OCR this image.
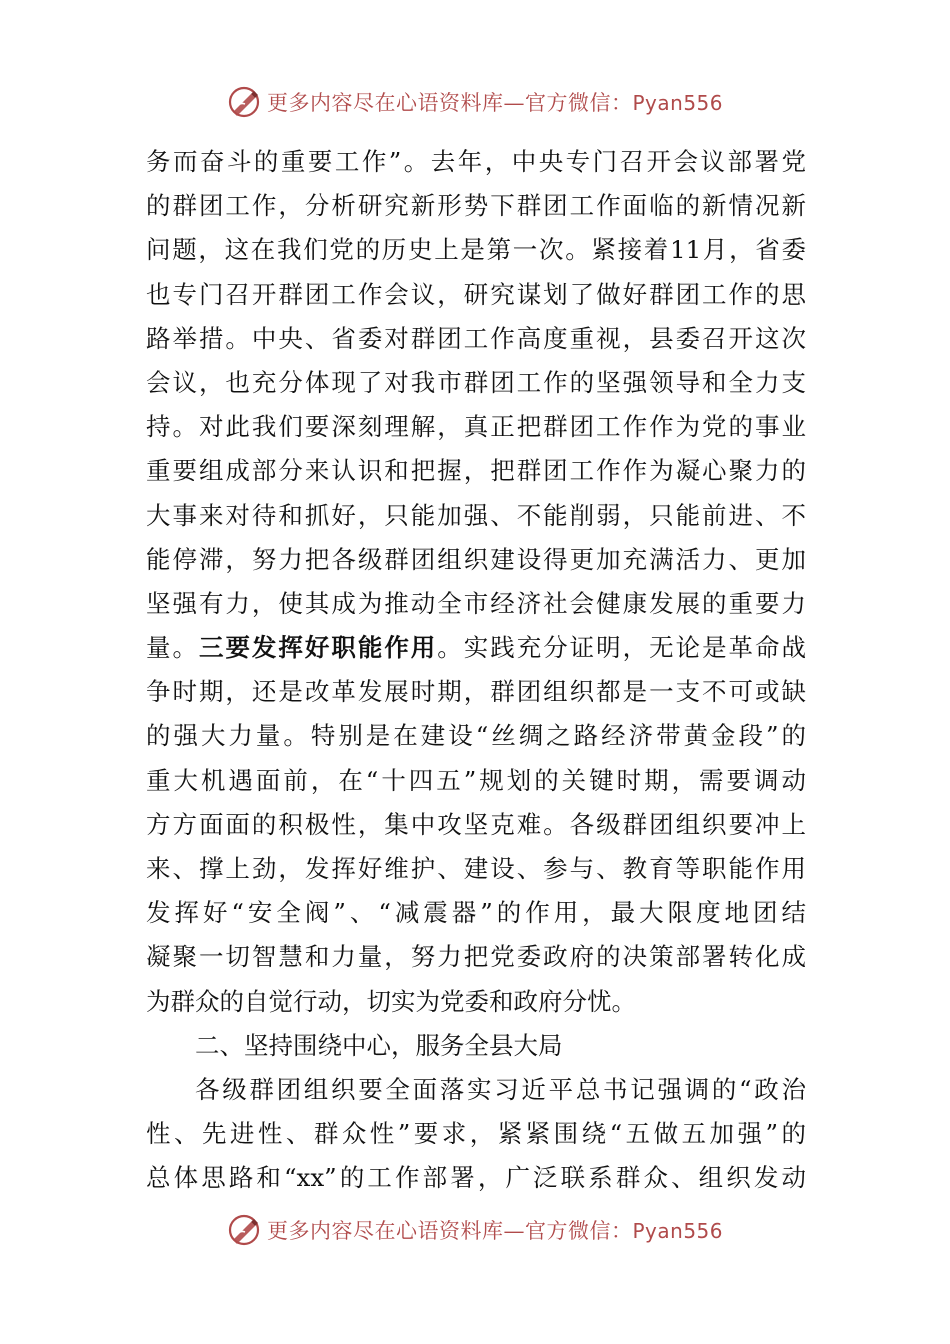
更多内容尽在心语资料库—官方微信：Pyan556
务而奋斗的重要工作”。去年，中央专门召开会议部署党
的群团工作，分析研究新形势下群团工作面临的新情况新
问题，这在我们党的历史上是第一次。紧接着11月，省委
也专门召开群团工作会议，研究谋划了做好群团工作的思
路举措。中央、省委对群团工作高度重视，县委召开这次
会议，也充分体现了对我市群团工作的坚强领导和全力支
持。对此我们要深刻理解，真正把群团工作作为党的事业
重要组成部分来认识和把握，把群团工作作为凝心聚力的
大事来对待和抓好，只能加强、不能削弱，只能前进、不
能停滞，努力把各级群团组织建设得更加充满活力、更加
坚强有力，使其成为推动全市经济社会健康发展的重要力
量。三要发挥好职能作用。实践充分证明，无论是革命战
争时期，还是改革发展时期，群团组织都是一支不可或缺
的强大力量。特别是在建设“丝绸之路经济带黄金段”的
重大机遇面前，在“十四五”规划的关键时期，需要调动
方方面面的积极性，集中攻坚克难。各级群团组织要冲上
来、撑上劲，发挥好维护、建设、参与、教育等职能作用
发挥好“安全阀”、“减震器”的作用，最大限度地团结
凝聚一切智慧和力量，努力把党委政府的决策部署转化成
为群众的自觉行动，切实为党委和政府分忧。
二、坚持围绕中心，服务全县大局
各级群团组织要全面落实习近平总书记强调的“政治
性、先进性、群众性”要求，紧紧围绕“五做五加强”的
总体思路和“xx”的工作部署，广泛联系群众、组织发动
更多内容尽在心语资料库—官方微信：Pyan556
